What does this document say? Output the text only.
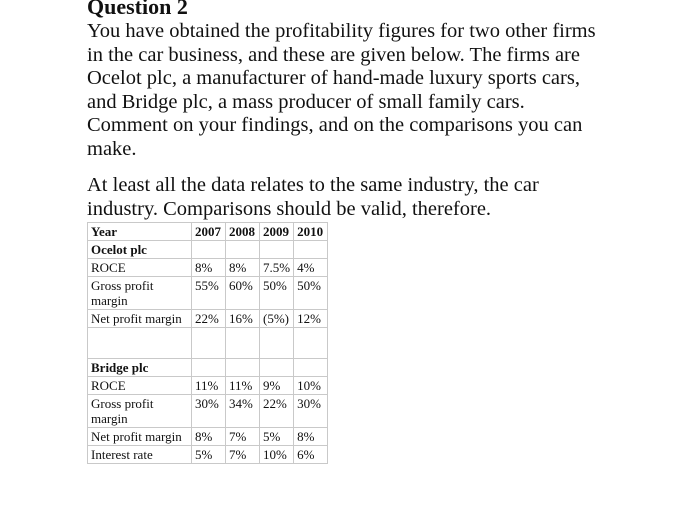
Question 2
You have obtained the profitability figures for two other firms
in the car business, and these are given below. The firms are
Ocelot plc, a manufacturer of hand-made luxury sports cars,
and Bridge plc, a mass producer of small family cars.
Comment on your findings, and on the comparisons you can
make.
At least all the data relates to the same industry, the car
industry. Comparisons should be valid, therefore.
Year	2007	2008	2009	2010
Ocelot plc				
ROCE	8%	8%	7.5%	4%
Gross profit margin	55%	60%	50%	50%
Net profit margin	22%	16%	(5%)	12%

Bridge plc				
ROCE	11%	11%	9%	10%
Gross profit margin	30%	34%	22%	30%
Net profit margin	8%	7%	5%	8%
Interest rate	5%	7%	10%	6%
